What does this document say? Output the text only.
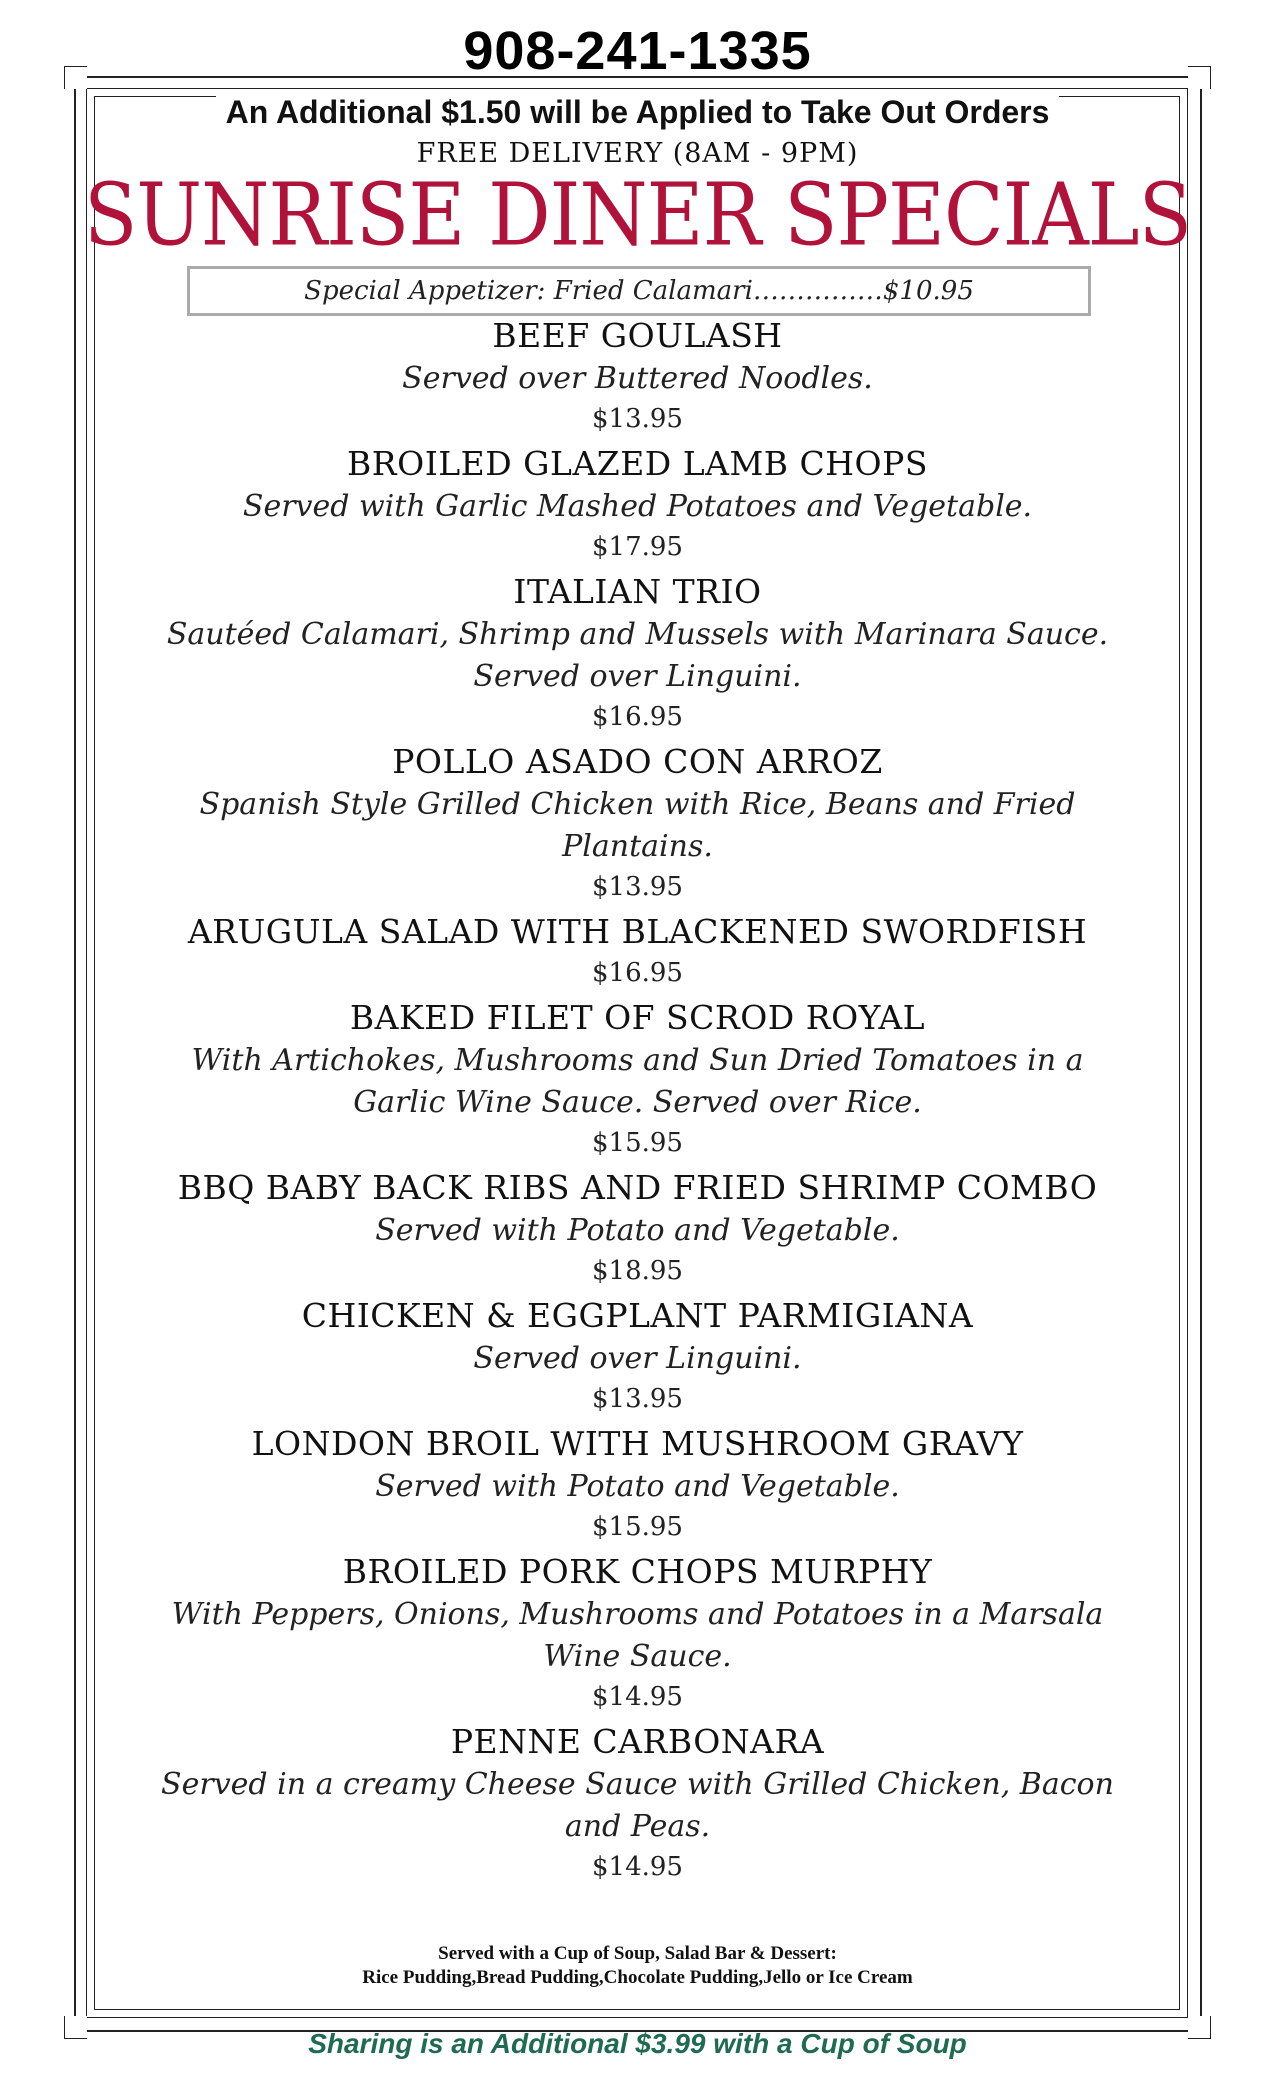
908-241-1335
An Additional $1.50 will be Applied to Take Out Orders
FREE DELIVERY (8AM - 9PM)
SUNRISE DINER SPECIALS
Special Appetizer: Fried Calamari……………$10.95
BEEF GOULASH
Served over Buttered Noodles.
$13.95
BROILED GLAZED LAMB CHOPS
Served with Garlic Mashed Potatoes and Vegetable.
$17.95
ITALIAN TRIO
Sautéed Calamari, Shrimp and Mussels with Marinara Sauce.
Served over Linguini.
$16.95
POLLO ASADO CON ARROZ
Spanish Style Grilled Chicken with Rice, Beans and Fried
Plantains.
$13.95
ARUGULA SALAD WITH BLACKENED SWORDFISH
$16.95
BAKED FILET OF SCROD ROYAL
With Artichokes, Mushrooms and Sun Dried Tomatoes in a
Garlic Wine Sauce. Served over Rice.
$15.95
BBQ BABY BACK RIBS AND FRIED SHRIMP COMBO
Served with Potato and Vegetable.
$18.95
CHICKEN & EGGPLANT PARMIGIANA
Served over Linguini.
$13.95
LONDON BROIL WITH MUSHROOM GRAVY
Served with Potato and Vegetable.
$15.95
BROILED PORK CHOPS MURPHY
With Peppers, Onions, Mushrooms and Potatoes in a Marsala
Wine Sauce.
$14.95
PENNE CARBONARA
Served in a creamy Cheese Sauce with Grilled Chicken, Bacon
and Peas.
$14.95
Served with a Cup of Soup, Salad Bar & Dessert:
Rice Pudding,Bread Pudding,Chocolate Pudding,Jello or Ice Cream
Sharing is an Additional $3.99 with a Cup of Soup
